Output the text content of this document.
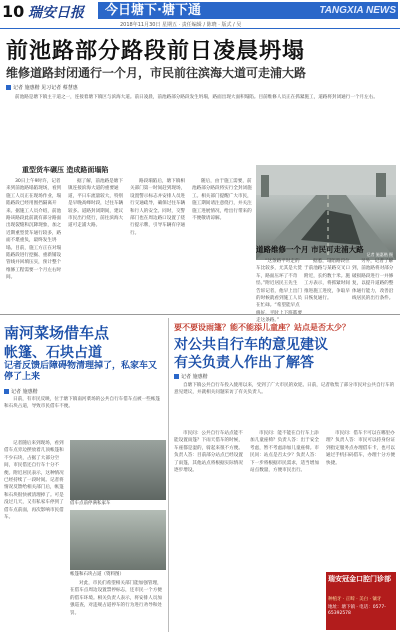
10 瑞安日报 今日塘下·塘下通	TANGXIA NEWS
2018年11月30日 星期五 · 责任编辑 / 陈晓 · 版式 / 吴
前池路部分路段前日凌晨坍塌
维修道路封闭通行一个月，市民前往滨海大道可走浦大路
记者 施惠楷 见习记者 蔡慧惠

前池路是塘下镇主干道之一，连接着塘下镇区与滨海大道。前日凌晨，前池路部分路段发生坍塌，路面出现大面积塌陷。目前维修人员正在抓紧施工，道路将封闭通行一个月左右。

重型货车碾压 造成路面塌陷

30日上午9时许，记者来到前池路塌陷现场，看到施工人员正在现场作业，塌陷路段已经用围挡隔离开来。据施工人员介绍，前池路该路段此前就有部分路面出现裂缝和沉降现象，加之近期重型货车通行较多，路面不堪重负，最终发生坍塌。目前，施工方正在对塌陷路段进行挖掘、重新铺设管线并回填压实，预计整个维修工程需要一个月左右时间。

据了解，前池路是塘下镇连接滨海大道的重要通道，平日车流量较大，特别是早晚高峰时段，过往车辆较多。道路封闭期间，建议市民出行绕行，前往滨海大道可走浦大路。

路段塌陷后，塘下镇相关部门第一时间赶到现场，设置警示标志并安排人员进行交通疏导，确保过往车辆和行人的安全。同时，交警部门也在周边路口设置了绕行提示牌，引导车辆有序通行。

随后，由于施工需要，前池路部分路段将实行全封闭施工。相关部门提醒广大市民，施工期间请注意绕行，并关注施工进展情况，给出行带来的不便敬请谅解。

记者 施惠楷 摄
道路维修一个月 市民可走浦大路

“这条路平时走的车比较多，尤其是大货车，路面压坏了不奇怪。”附近居民王先生告诉记者，他早上出门的时候就看到施工人员在忙碌。“希望能早点 走这条路。”

据悉，塌陷路段位于前池路与某路交叉口附近，长约数十米。施工方表示，将抓紧时间推进施工进度，争取早日恢复通行。

另外，记者了解到，前池路将对部分破损路段进行一并修复，以提升道路的整体通行能力，改善沿线居民的出行条件。

南河菜场借车点
帐篷、石块占道
记者反馈后障碍物清理掉了，私家车又停了上来
记者 施惠楷

日前，有市民反映，位于塘下镇南河菜场的公共自行车借车点被一些帐篷和石块占道，导致市民借车不便。

记者随后来到现场，看到借车点旁边摆放着几顶帐篷和不少石块，占据了大部分空间，市民借还自行车十分不便。附近居民表示，这种情况已经持续了一段时间。记者将情况反馈给相关部门后，帐篷和石块很快被清理掉了。可是没过几天，又有私家车停到了借车点前面，再次影响市民借车。

借车点前停满私家车
帐篷和石块占道（资料图）

对此，市民们希望相关部门能加强管理，在借车点周边设置禁停标志，还市民一个方便的借车环境。相关负责人表示，将安排人员加强巡查，对违规占道停车的行为进行劝导和处罚。

要不要设雨篷？能不能添儿童座？站点是否太少？
对公共自行车的意见建议
有关负责人作出了解答
记者 施惠楷

自塘下镇公共自行车投入使用以来，受到了广大市民的欢迎。日前，记者收集了部分市民对公共自行车的意见建议，并就相关问题采访了有关负责人。

市民问：公共自行车站点能不能设置雨篷？下雨天借车的时候，车座都是湿的，骑起来很不方便。负责人答：目前部分站点已经设置了雨篷，其他站点将根据实际情况逐步增设。

市民问：能不能在自行车上添加儿童座椅？负责人答：出于安全考虑，暂不考虑添加儿童座椅。市民问：站点是否太少？负责人答：下一步将根据市民需求，适当增加站点数量，方便市民出行。

市民问：借车卡可以在哪里办理？负责人答：市民可以持身份证到指定服务点办理借车卡，也可以通过手机扫码借车，办理十分方便快捷。

瑞安冠金口腔门诊部
种植牙 · 正畸 · 美白 · 镶牙
地址：塘下镇 · 电话：0577-65392578
